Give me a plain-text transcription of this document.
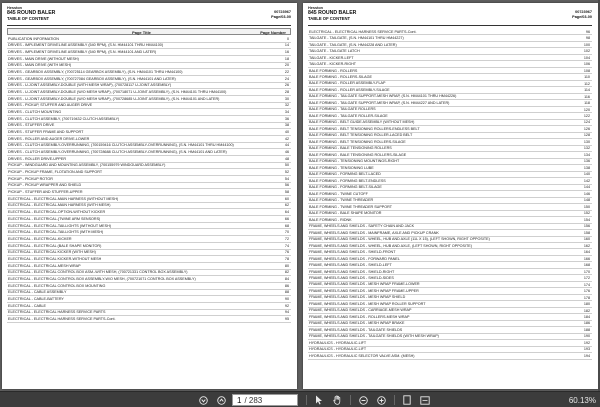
Hesston
845 ROUND BALER
TABLE OF CONTENT
00723967
Page/03-00
Page Title	Page Number
PUBLICATION INFORMATION	0
DRIVES - IMPLEMENT DRIVELINE ASSEMBLY (540 RPM), (S.N. HM44101 THRU HM44100)	14
DRIVES - IMPLEMENT DRIVELINE ASSEMBLY (540 RPM), (S.N. HM44101 AND LATER)	16
DRIVES - MAIN DRIVE (WITHOUT MESH)	18
DRIVES - MAIN DRIVE (WITH MESH)	20
DRIVES - GEARBOX ASSEMBLY, (700725114 GEARBOX ASSEMBLY), (S.N. HM44101 THRU HM44100)	22
DRIVES - GEARBOX ASSEMBLY, (700727084 GEARBOX ASSEMBLY), (S.N. HM44101 AND LATER)	24
DRIVES - U-JOINT ASSEMBLY-DOUBLE (WITH MESH WRAP), (700728117 U-JOINT ASSEMBLY)	26
DRIVES - U-JOINT ASSEMBLY-DOUBLE (W/O MESH WRAP), (700718071 U-JOINT ASSEMBLY), (S.N. HM44101 THRU HM44100)	28
DRIVES - U-JOINT ASSEMBLY-DOUBLE (W/O MESH WRAP), (700728685 U-JOINT ASSEMBLY), (S.N. HM44101 AND LATER)	30
DRIVES - PICKUP, STUFFER AND AUGER DRIVE	32
DRIVES - CLUTCH MOUNTING	34
DRIVES - CLUTCH ASSEMBLY, (700719432 CLUTCH ASSEMBLY)	36
DRIVES - STUFFER DRIVE	38
DRIVES - STUFFER FRAME AND SUPPORT	40
DRIVES - ROLLER AND AUGER DRIVE-LOWER	42
DRIVES - CLUTCH ASSEMBLY-OVERRUNNING, (700159416 CLUTCH ASSEMBLY-OVERRUNNING), (S.N. HM44101 THRU HM44100)	44
DRIVES - CLUTCH ASSEMBLY-OVERRUNNING, (700728688 CLUTCH ASSEMBLY-OVERRUNNING), (S.N. HM44101 AND LATER)	46
DRIVES - ROLLER DRIVE-UPPER	48
PICKUP - WINDGUARD AND MOUNTING ASSEMBLY, (700155979 WINDGUARD ASSEMBLY)	50
PICKUP - PICKUP FRAME, FLOTATION AND SUPPORT	52
PICKUP - PICKUP ROTOR	54
PICKUP - PICKUP WRAPPER AND SHIELD	56
PICKUP - STUFFER AND STUFFER-UPPER	58
ELECTRICAL - ELECTRICAL-MAIN HARNESS (WITHOUT MESH)	60
ELECTRICAL - ELECTRICAL-MAIN HARNESS (WITH MESH)	62
ELECTRICAL - ELECTRICAL-OPTION-WITHOUT KICKER	64
ELECTRICAL - ELECTRICAL-(TWINE ARM SENSORS)	66
ELECTRICAL - ELECTRICAL-TAILLIGHTS (WITHOUT MESH)	68
ELECTRICAL - ELECTRICAL-TAILLIGHTS (WITH MESH)	70
ELECTRICAL - ELECTRICAL-KICKER	72
ELECTRICAL - ELECTRICAL (BALE SHAPE MONITOR)	74
ELECTRICAL - ELECTRICAL KICKER (WITH MESH)	76
ELECTRICAL - ELECTRICAL KICKER-WITHOUT MESH	78
ELECTRICAL - ELECTRICAL-MESH WRAP	80
ELECTRICAL - ELECTRICAL CONTROL BOX ASM.-WITH MESH, (700721331 CONTROL BOX ASSEMBLY)	82
ELECTRICAL - ELECTRICAL CONTROL BOX ASSEMBLY-W/O MESH, (700721071 CONTROL BOX ASSEMBLY)	84
ELECTRICAL - ELECTRICAL CONTROL BOX MOUNTING	86
ELECTRICAL - CABLE ASSEMBLY	88
ELECTRICAL - CABLE-BATTERY	90
ELECTRICAL - CABLE	92
ELECTRICAL - ELECTRICAL HARNESS SERVICE PARTS	94
ELECTRICAL - ELECTRICAL HARNESS SERVICE PARTS-Cont.	95
Hesston
845 ROUND BALER
TABLE OF CONTENT
00723967
Page/03-00
ELECTRICAL - ELECTRICAL HARNESS SERVICE PARTS-Cont.	96
TAILGATE - TAILGATE, (S.N. HM44101 THRU HM44227)	98
TAILGATE - TAILGATE, (S.N. HM44228 AND LATER)	100
TAILGATE - TAILGATE LATCH	102
TAILGATE - KICKER-LEFT	104
TAILGATE - KICKER-RIGHT	106
BALE FORMING - ROLLERS	108
BALE FORMING - ROLLERS-SILAGE	110
BALE FORMING - ROLLER ASSEMBLY-FLAP	112
BALE FORMING - ROLLER ASSEMBLY-SILAGE	114
BALE FORMING - TAILGATE SUPPORT-MESH WRAP, (S.N. HM44101 THRU HM44226)	116
BALE FORMING - TAILGATE SUPPORT-MESH WRAP, (S.N. HM44227 AND LATER)	118
BALE FORMING - TAILGATE ROLLERS	120
BALE FORMING - TAILGATE ROLLER-SILAGE	122
BALE FORMING - BELT GUIDE ASSEMBLY (WITHOUT MESH)	124
BALE FORMING - BELT TENSIONING ROLLERS-ENDLESS BELT	126
BALE FORMING - BELT TENSIONING ROLLER-LACED BELT	128
BALE FORMING - BELT TENSIONING ROLLERS-SILAGE	130
BALE FORMING - BALE TENSIONING ROLLERS	132
BALE FORMING - BALE TENSIONING ROLLERS-SILAGE	134
BALE FORMING - TENSIONING MOUNTINGS-RIGHT	136
BALE FORMING - TENSIONING LUBE	138
BALE FORMING - FORMING BELT-LACED	140
BALE FORMING - FORMING BELT-ENDLESS	142
BALE FORMING - FORMING BELT-SILAGE	144
BALE FORMING - TWINE CUTOFF	146
BALE FORMING - TWINE THREADER	148
BALE FORMING - TWINE THREADER SUPPORT	150
BALE FORMING - BALE SHAPE MONITOR	152
BALE FORMING - RIDNK	154
FRAME, WHEELS AND SHIELDS - SAFETY CHAIN AND JACK	156
FRAME, WHEELS AND SHIELDS - MAINFRAME, AXLE AND PICKUP CRANK	158
FRAME, WHEELS AND SHIELDS - WHEEL, HUB AND AXLE (11L X 15), (LEFT SHOWN, RIGHT OPPOSITE)	160
FRAME, WHEELS AND SHIELDS - WHEEL, HUB AND AXLE, (LEFT SHOWN, RIGHT OPPOSITE)	162
FRAME, WHEELS AND SHIELDS - SHIELD-FRONT	164
FRAME, WHEELS AND SHIELDS - FORWARD PANEL	166
FRAME, WHEELS AND SHIELDS - SHIELD-LEFT	168
FRAME, WHEELS AND SHIELDS - SHIELD-RIGHT	170
FRAME, WHEELS AND SHIELDS - SHIELD-SIDES	172
FRAME, WHEELS AND SHIELDS - MESH WRAP FRAME-LOWER	174
FRAME, WHEELS AND SHIELDS - MESH WRAP FRAME-UPPER	176
FRAME, WHEELS AND SHIELDS - MESH WRAP SHIELD	178
FRAME, WHEELS AND SHIELDS - MESH WRAP ROLLER SUPPORT	180
FRAME, WHEELS AND SHIELDS - CARRIAGE-MESH WRAP	182
FRAME, WHEELS AND SHIELDS - ROLLERS-MESH WRAP	184
FRAME, WHEELS AND SHIELDS - MESH WRAP BRAKE	186
FRAME, WHEELS AND SHIELDS - TAILGATE SHIELDS	188
FRAME, WHEELS AND SHIELDS - TAILGATE SHIELDS (WITH MESH WRAP)	190
HYDRAULICS - HYDRAULIC-LIFT	192
HYDRAULICS - HYDRAULIC-LIFT	193
HYDRAULICS - HYDRAULIC SELECTOR VALVE ASM. (MESH)	194
1 / 283	60.13%
